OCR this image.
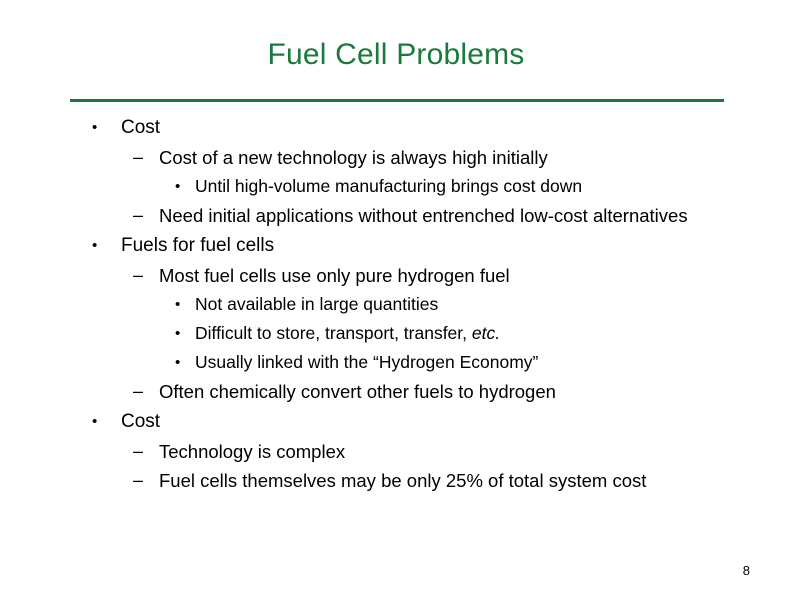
Fuel Cell Problems
•	Cost
– Cost of a new technology is always high initially
• Until high-volume manufacturing brings cost down
– Need initial applications without entrenched low-cost alternatives
•	Fuels for fuel cells
– Most fuel cells use only pure hydrogen fuel
• Not available in large quantities
• Difficult to store, transport, transfer, etc.
• Usually linked with the “Hydrogen Economy”
– Often chemically convert other fuels to hydrogen
•	Cost
– Technology is complex
– Fuel cells themselves may be only 25% of total system cost
8
